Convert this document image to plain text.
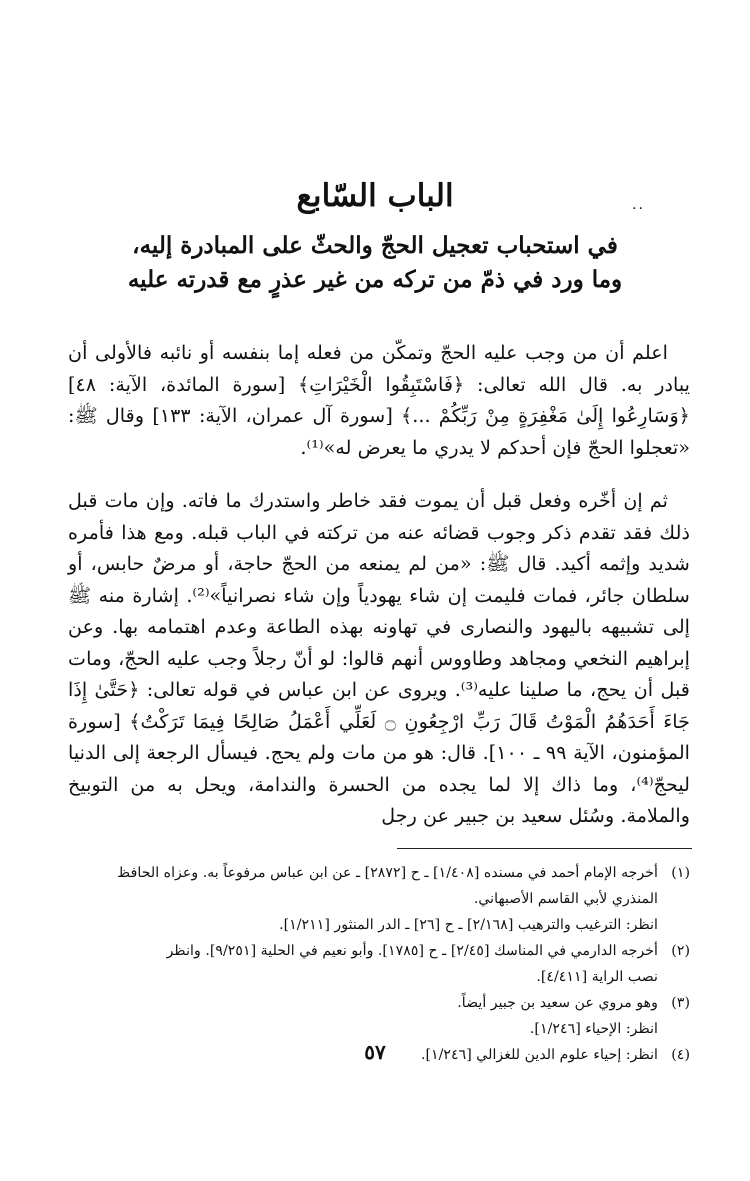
..
الباب السّابع
في استحباب تعجيل الحجّ والحثّ على المبادرة إليه،
وما ورد في ذمّ من تركه من غير عذرٍ مع قدرته عليه
اعلم أن من وجب عليه الحجّ وتمكّن من فعله إما بنفسه أو نائبه فالأولى أن يبادر به. قال الله تعالى: ﴿فَاسْتَبِقُوا الْخَيْرَاتِ﴾ [سورة المائدة، الآية: ٤٨] ﴿وَسَارِعُوا إِلَىٰ مَغْفِرَةٍ مِنْ رَبِّكُمْ ...﴾ [سورة آل عمران، الآية: ١٣٣] وقال ﷺ: «تعجلوا الحجّ فإن أحدكم لا يدري ما يعرض له»⁽¹⁾.
ثم إن أخّره وفعل قبل أن يموت فقد خاطر واستدرك ما فاته. وإن مات قبل ذلك فقد تقدم ذكر وجوب قضائه عنه من تركته في الباب قبله. ومع هذا فأمره شديد وإثمه أكيد. قال ﷺ: «من لم يمنعه من الحجّ حاجة، أو مرضٌ حابس، أو سلطان جائر، فمات فليمت إن شاء يهودياً وإن شاء نصرانياً»⁽²⁾. إشارة منه ﷺ إلى تشبيهه باليهود والنصارى في تهاونه بهذه الطاعة وعدم اهتمامه بها. وعن إبراهيم النخعي ومجاهد وطاووس أنهم قالوا: لو أنّ رجلاً وجب عليه الحجّ، ومات قبل أن يحج، ما صلينا عليه⁽³⁾. ويروى عن ابن عباس في قوله تعالى: ﴿حَتَّىٰ إِذَا جَاءَ أَحَدَهُمُ الْمَوْتُ قَالَ رَبِّ ارْجِعُونِ ۝ لَعَلِّي أَعْمَلُ صَالِحًا فِيمَا تَرَكْتُ﴾ [سورة المؤمنون، الآية ٩٩ ـ ١٠٠]. قال: هو من مات ولم يحج. فيسأل الرجعة إلى الدنيا ليحجّ⁽⁴⁾، وما ذاك إلا لما يجده من الحسرة والندامة، ويحل به من التوبيخ والملامة. وسُئل سعيد بن جبير عن رجل
(١)
أخرجه الإمام أحمد في مسنده [١/٤٠٨] ـ ح [٢٨٧٢] ـ عن ابن عباس مرفوعاً به. وعزاه الحافظ
المنذري لأبي القاسم الأصبهاني.
انظر: الترغيب والترهيب [٢/١٦٨] ـ ح [٢٦] ـ الدر المنثور [١/٢١١].
(٢)
أخرجه الدارمي في المناسك [٢/٤٥] ـ ح [١٧٨٥]. وأبو نعيم في الحلية [٩/٢٥١]. وانظر
نصب الراية [٤/٤١١].
(٣)
وهو مروي عن سعيد بن جبير أيضاً.
انظر: الإحياء [١/٢٤٦].
(٤)
انظر: إحياء علوم الدين للغزالي [١/٢٤٦].
٥٧
